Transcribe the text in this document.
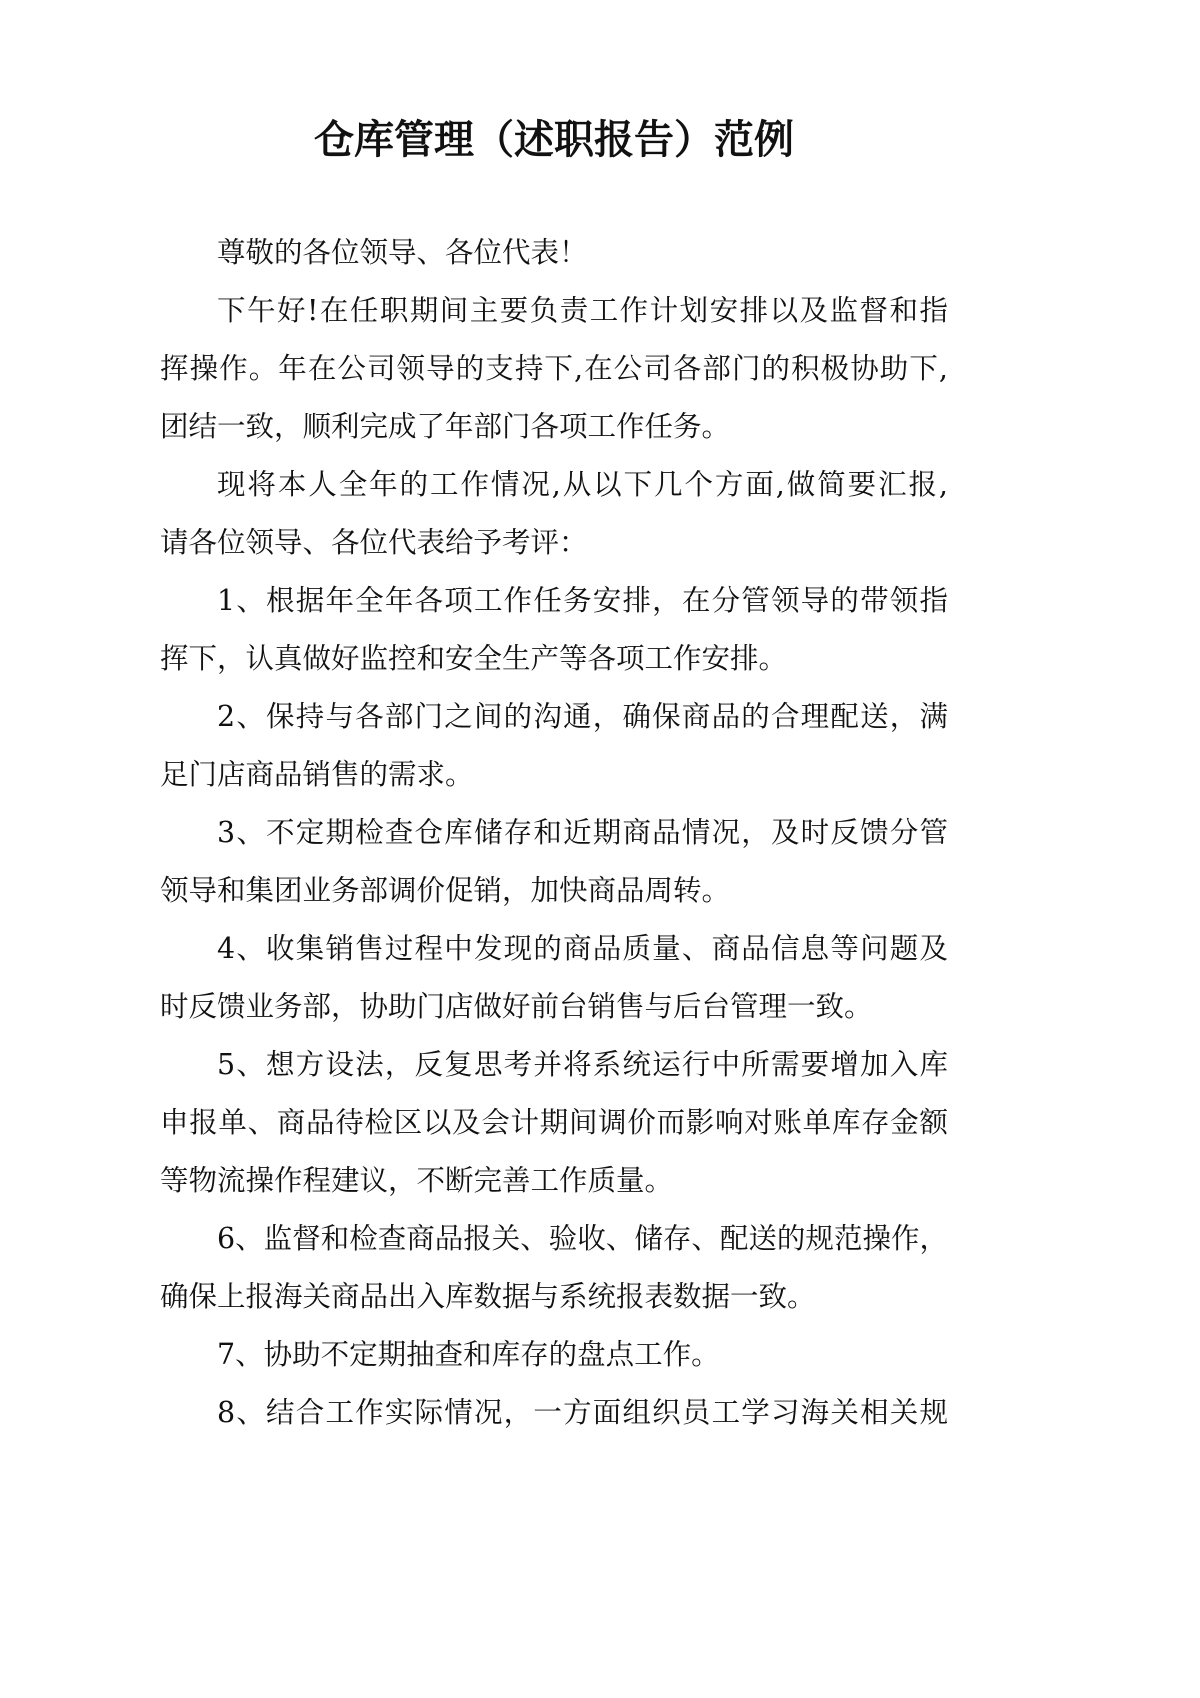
仓库管理（述职报告）范例
尊敬的各位领导、各位代表！
下午好!在任职期间主要负责工作计划安排以及监督和指
挥操作。年在公司领导的支持下,在公司各部门的积极协助下,
团结一致，顺利完成了年部门各项工作任务。
现将本人全年的工作情况,从以下几个方面,做简要汇报,
请各位领导、各位代表给予考评：
1、根据年全年各项工作任务安排，在分管领导的带领指
挥下，认真做好监控和安全生产等各项工作安排。
2、保持与各部门之间的沟通，确保商品的合理配送，满
足门店商品销售的需求。
3、不定期检查仓库储存和近期商品情况，及时反馈分管
领导和集团业务部调价促销，加快商品周转。
4、收集销售过程中发现的商品质量、商品信息等问题及
时反馈业务部，协助门店做好前台销售与后台管理一致。
5、想方设法，反复思考并将系统运行中所需要增加入库
申报单、商品待检区以及会计期间调价而影响对账单库存金额
等物流操作程建议，不断完善工作质量。
6、监督和检查商品报关、验收、储存、配送的规范操作，
确保上报海关商品出入库数据与系统报表数据一致。
7、协助不定期抽查和库存的盘点工作。
8、结合工作实际情况，一方面组织员工学习海关相关规
